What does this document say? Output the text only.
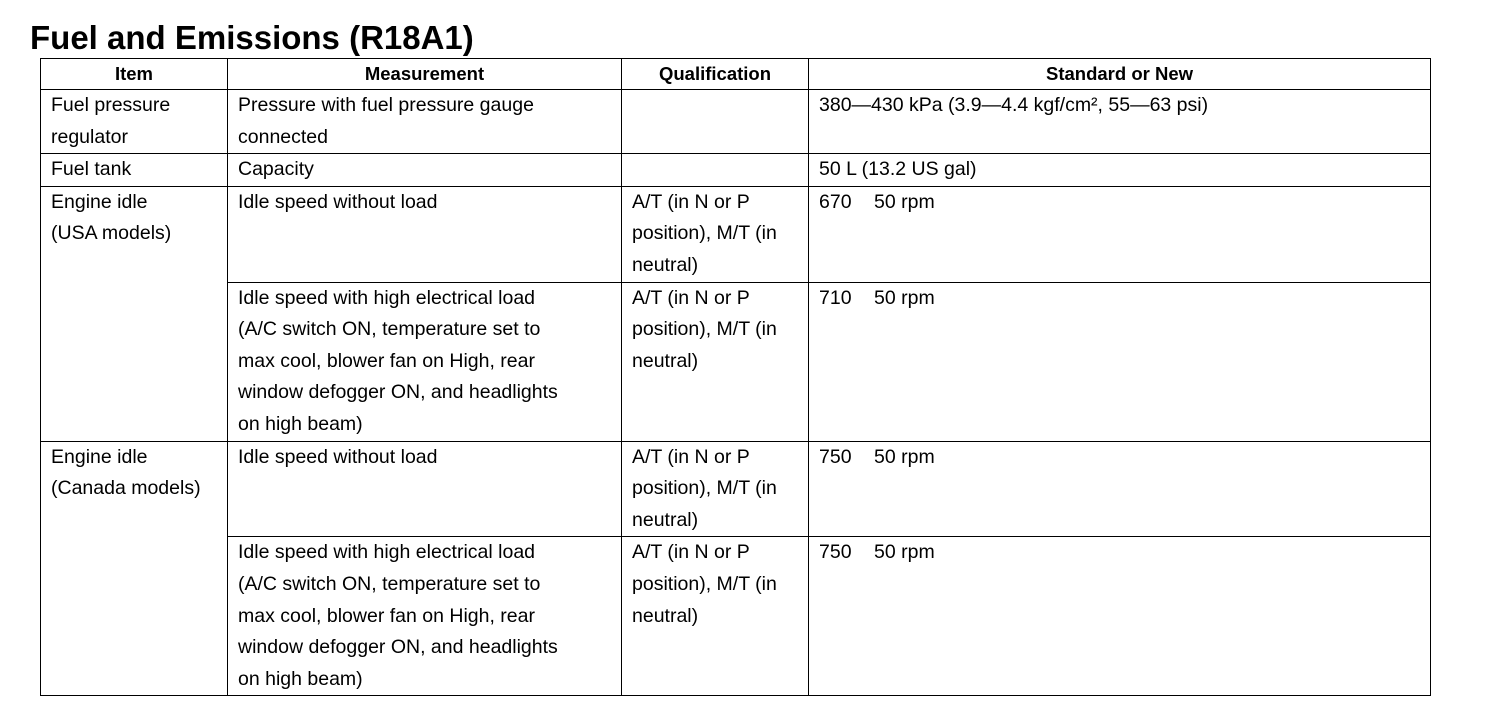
Fuel and Emissions (R18A1)
Item	Measurement	Qualification	Standard or New

Fuel pressure
regulator	Pressure with fuel pressure gauge
connected		380—430 kPa (3.9—4.4 kgf/cm², 55—63 psi)

Fuel tank	Capacity		50 L (13.2 US gal)

Engine idle
(USA models)	Idle speed without load	A/T (in N or P
position), M/T (in
neutral)	670 50 rpm

	Idle speed with high electrical load
(A/C switch ON, temperature set to
max cool, blower fan on High, rear
window defogger ON, and headlights
on high beam)	A/T (in N or P
position), M/T (in
neutral)	710 50 rpm

Engine idle
(Canada models)	Idle speed without load	A/T (in N or P
position), M/T (in
neutral)	750 50 rpm

	Idle speed with high electrical load
(A/C switch ON, temperature set to
max cool, blower fan on High, rear
window defogger ON, and headlights
on high beam)	A/T (in N or P
position), M/T (in
neutral)	750 50 rpm
